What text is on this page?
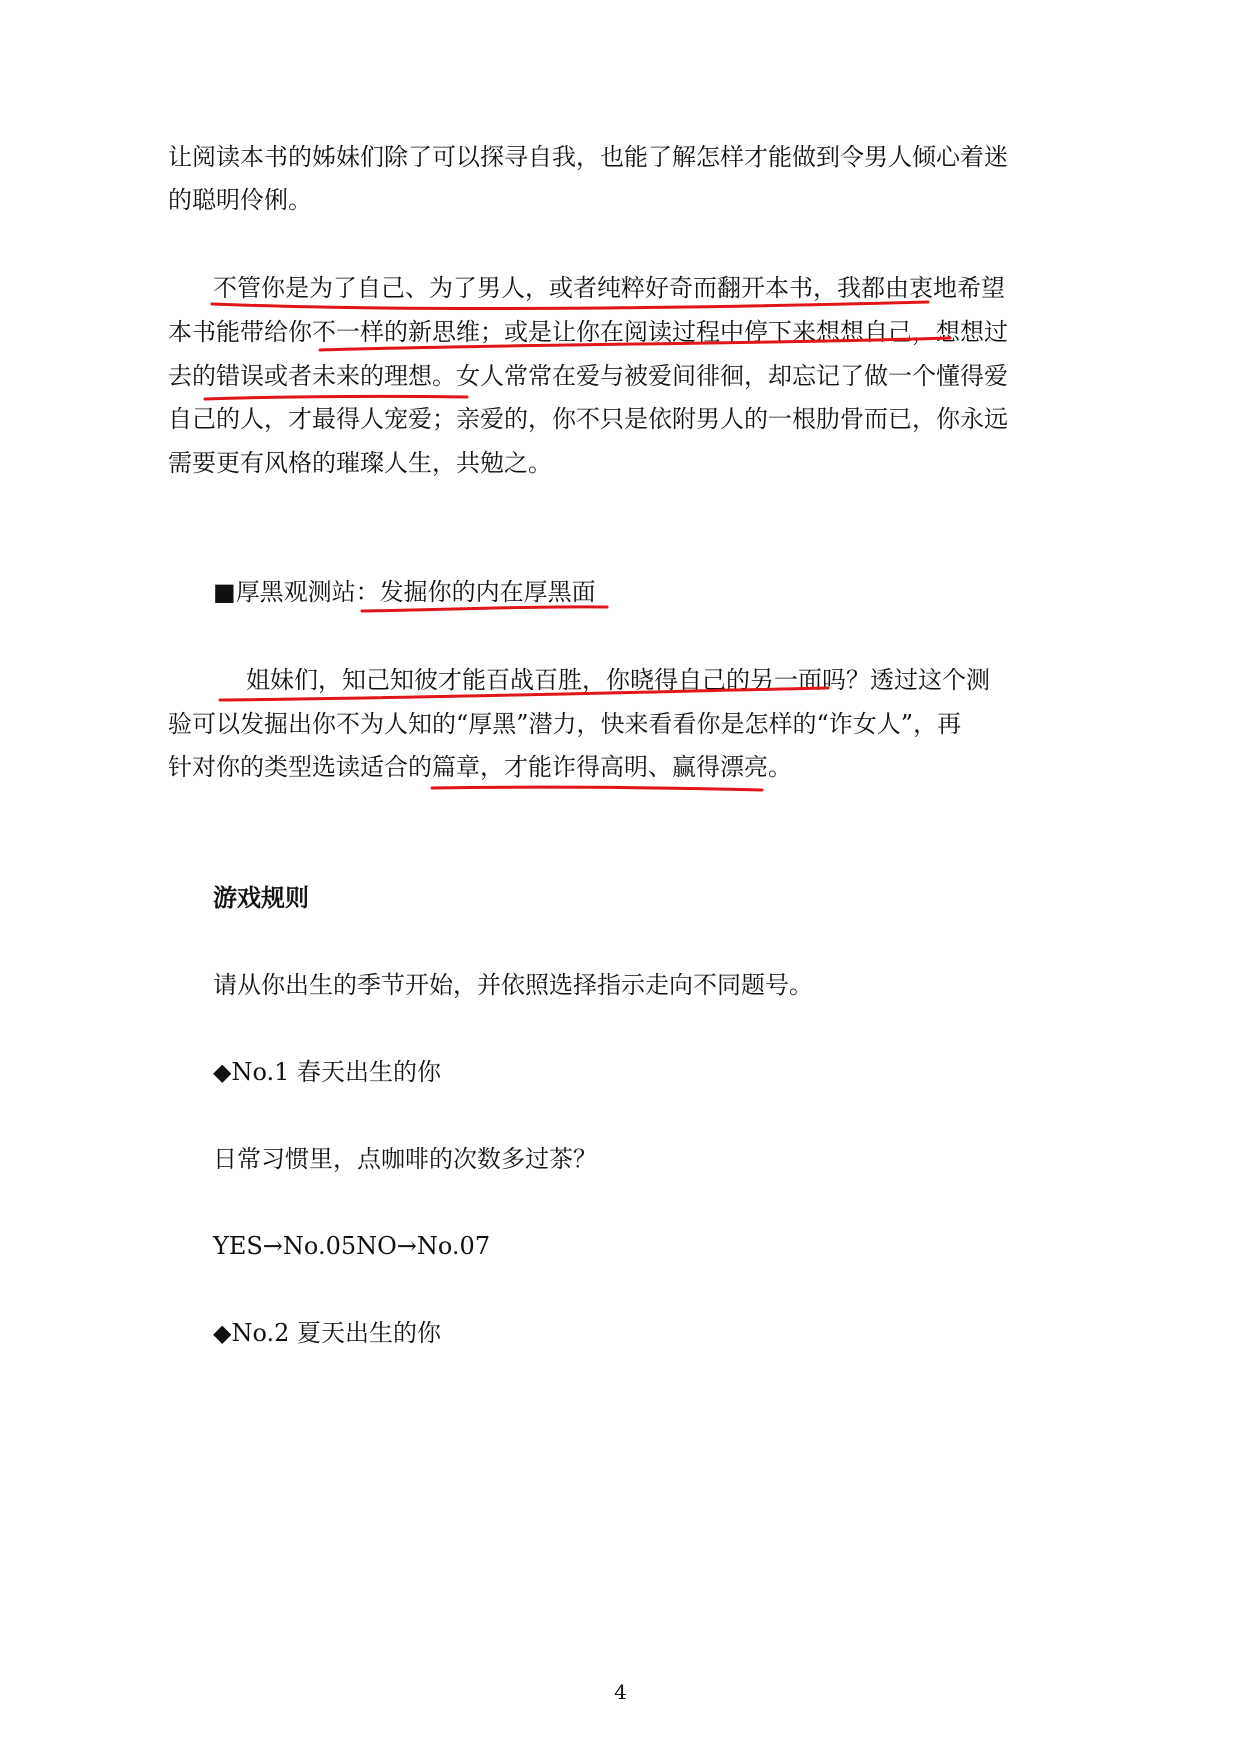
让阅读本书的姊妹们除了可以探寻自我，也能了解怎样才能做到令男人倾心着迷
的聪明伶俐。
不管你是为了自己、为了男人，或者纯粹好奇而翻开本书，我都由衷地希望
本书能带给你不一样的新思维；或是让你在阅读过程中停下来想想自己，想想过
去的错误或者未来的理想。女人常常在爱与被爱间徘徊，却忘记了做一个懂得爱
自己的人，才最得人宠爱；亲爱的，你不只是依附男人的一根肋骨而已，你永远
需要更有风格的璀璨人生，共勉之。
■厚黑观测站：发掘你的内在厚黑面
姐妹们，知己知彼才能百战百胜，你晓得自己的另一面吗？透过这个测
验可以发掘出你不为人知的“厚黑”潜力，快来看看你是怎样的“诈女人”，再
针对你的类型选读适合的篇章，才能诈得高明、赢得漂亮。
游戏规则
请从你出生的季节开始，并依照选择指示走向不同题号。
◆No.1 春天出生的你
日常习惯里，点咖啡的次数多过茶？
YES→No.05NO→No.07
◆No.2 夏天出生的你
4
